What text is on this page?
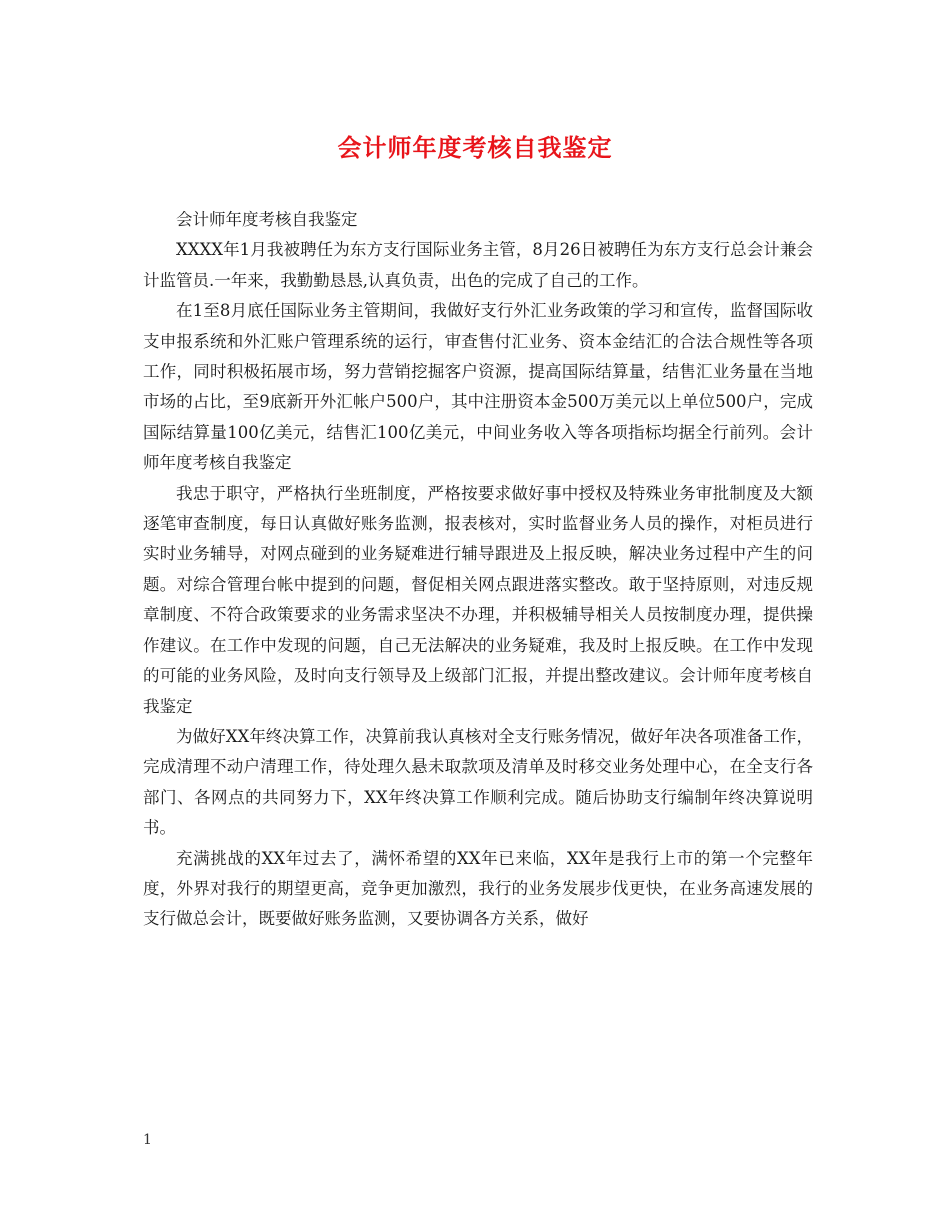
会计师年度考核自我鉴定

会计师年度考核自我鉴定

XXXX年1月我被聘任为东方支行国际业务主管，8月26日被聘任为东方支行总会计兼会计监管员.一年来，我勤勤恳恳,认真负责，出色的完成了自己的工作。

在1至8月底任国际业务主管期间，我做好支行外汇业务政策的学习和宣传，监督国际收支申报系统和外汇账户管理系统的运行，审查售付汇业务、资本金结汇的合法合规性等各项工作，同时积极拓展市场，努力营销挖掘客户资源，提高国际结算量，结售汇业务量在当地市场的占比，至9底新开外汇帐户500户，其中注册资本金500万美元以上单位500户，完成国际结算量100亿美元，结售汇100亿美元，中间业务收入等各项指标均据全行前列。会计师年度考核自我鉴定

我忠于职守，严格执行坐班制度，严格按要求做好事中授权及特殊业务审批制度及大额逐笔审查制度，每日认真做好账务监测，报表核对，实时监督业务人员的操作，对柜员进行实时业务辅导，对网点碰到的业务疑难进行辅导跟进及上报反映，解决业务过程中产生的问题。对综合管理台帐中提到的问题，督促相关网点跟进落实整改。敢于坚持原则，对违反规章制度、不符合政策要求的业务需求坚决不办理，并积极辅导相关人员按制度办理，提供操作建议。在工作中发现的问题，自己无法解决的业务疑难，我及时上报反映。在工作中发现的可能的业务风险，及时向支行领导及上级部门汇报，并提出整改建议。会计师年度考核自我鉴定

为做好XX年终决算工作，决算前我认真核对全支行账务情况，做好年决各项准备工作，完成清理不动户清理工作，待处理久悬未取款项及清单及时移交业务处理中心，在全支行各部门、各网点的共同努力下，XX年终决算工作顺利完成。随后协助支行编制年终决算说明书。

充满挑战的XX年过去了，满怀希望的XX年已来临，XX年是我行上市的第一个完整年度，外界对我行的期望更高，竞争更加激烈，我行的业务发展步伐更快，在业务高速发展的支行做总会计，既要做好账务监测，又要协调各方关系，做好

1
